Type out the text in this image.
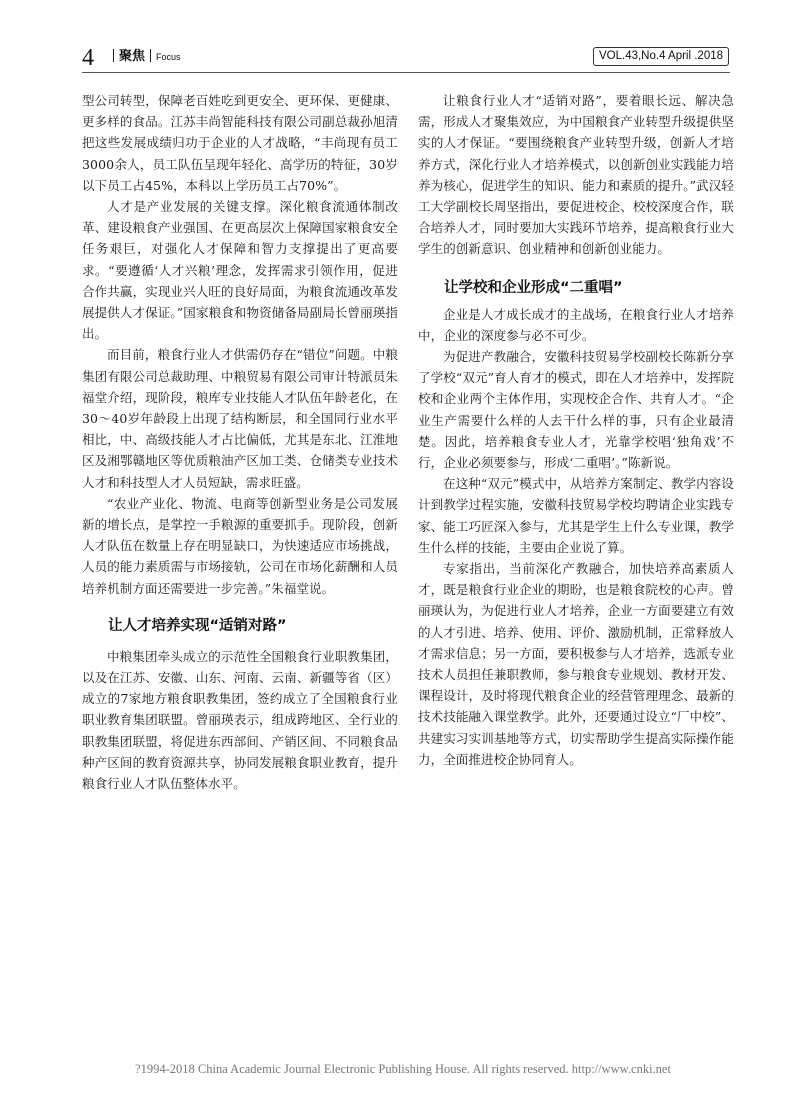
4	聚焦 Focus	VOL.43,No.4 April .2018

型公司转型，保障老百姓吃到更安全、更环保、更健康、更多样的食品。江苏丰尚智能科技有限公司副总裁孙旭清把这些发展成绩归功于企业的人才战略，“丰尚现有员工3000余人，员工队伍呈现年轻化、高学历的特征，30岁以下员工占45%，本科以上学历员工占70%”。

人才是产业发展的关键支撑。深化粮食流通体制改革、建设粮食产业强国、在更高层次上保障国家粮食安全任务艰巨，对强化人才保障和智力支撑提出了更高要求。“要遵循‘人才兴粮’理念，发挥需求引领作用，促进合作共赢，实现业兴人旺的良好局面，为粮食流通改革发展提供人才保证。”国家粮食和物资储备局副局长曾丽瑛指出。

而目前，粮食行业人才供需仍存在“错位”问题。中粮集团有限公司总裁助理、中粮贸易有限公司审计特派员朱福堂介绍，现阶段，粮库专业技能人才队伍年龄老化，在30～40岁年龄段上出现了结构断层，和全国同行业水平相比，中、高级技能人才占比偏低，尤其是东北、江淮地区及湘鄂赣地区等优质粮油产区加工类、仓储类专业技术人才和科技型人才人员短缺，需求旺盛。

“农业产业化、物流、电商等创新型业务是公司发展新的增长点，是掌控一手粮源的重要抓手。现阶段，创新人才队伍在数量上存在明显缺口，为快速适应市场挑战，人员的能力素质需与市场接轨，公司在市场化薪酬和人员培养机制方面还需要进一步完善。”朱福堂说。

让人才培养实现“适销对路”

中粮集团牵头成立的示范性全国粮食行业职教集团，以及在江苏、安徽、山东、河南、云南、新疆等省（区）成立的7家地方粮食职教集团，签约成立了全国粮食行业职业教育集团联盟。曾丽瑛表示，组成跨地区、全行业的职教集团联盟，将促进东西部间、产销区间、不同粮食品种产区间的教育资源共享，协同发展粮食职业教育，提升粮食行业人才队伍整体水平。

让粮食行业人才“适销对路”，要着眼长远、解决急需，形成人才聚集效应，为中国粮食产业转型升级提供坚实的人才保证。“要围绕粮食产业转型升级，创新人才培养方式，深化行业人才培养模式，以创新创业实践能力培养为核心，促进学生的知识、能力和素质的提升。”武汉轻工大学副校长周坚指出，要促进校企、校校深度合作，联合培养人才，同时要加大实践环节培养，提高粮食行业大学生的创新意识、创业精神和创新创业能力。

让学校和企业形成“二重唱”

企业是人才成长成才的主战场，在粮食行业人才培养中，企业的深度参与必不可少。

为促进产教融合，安徽科技贸易学校副校长陈新分享了学校“双元”育人育才的模式，即在人才培养中，发挥院校和企业两个主体作用，实现校企合作、共育人才。“企业生产需要什么样的人去干什么样的事，只有企业最清楚。因此，培养粮食专业人才，光靠学校唱‘独角戏’不行，企业必须要参与，形成‘二重唱’。”陈新说。

在这种“双元”模式中，从培养方案制定、教学内容设计到教学过程实施，安徽科技贸易学校均聘请企业实践专家、能工巧匠深入参与，尤其是学生上什么专业课，教学生什么样的技能，主要由企业说了算。

专家指出，当前深化产教融合，加快培养高素质人才，既是粮食行业企业的期盼，也是粮食院校的心声。曾丽瑛认为，为促进行业人才培养，企业一方面要建立有效的人才引进、培养、使用、评价、激励机制，正常释放人才需求信息；另一方面，要积极参与人才培养，选派专业技术人员担任兼职教师，参与粮食专业规划、教材开发、课程设计，及时将现代粮食企业的经营管理理念、最新的技术技能融入课堂教学。此外，还要通过设立“厂中校”、共建实习实训基地等方式，切实帮助学生提高实际操作能力，全面推进校企协同育人。

?1994-2018 China Academic Journal Electronic Publishing House. All rights reserved. http://www.cnki.net
